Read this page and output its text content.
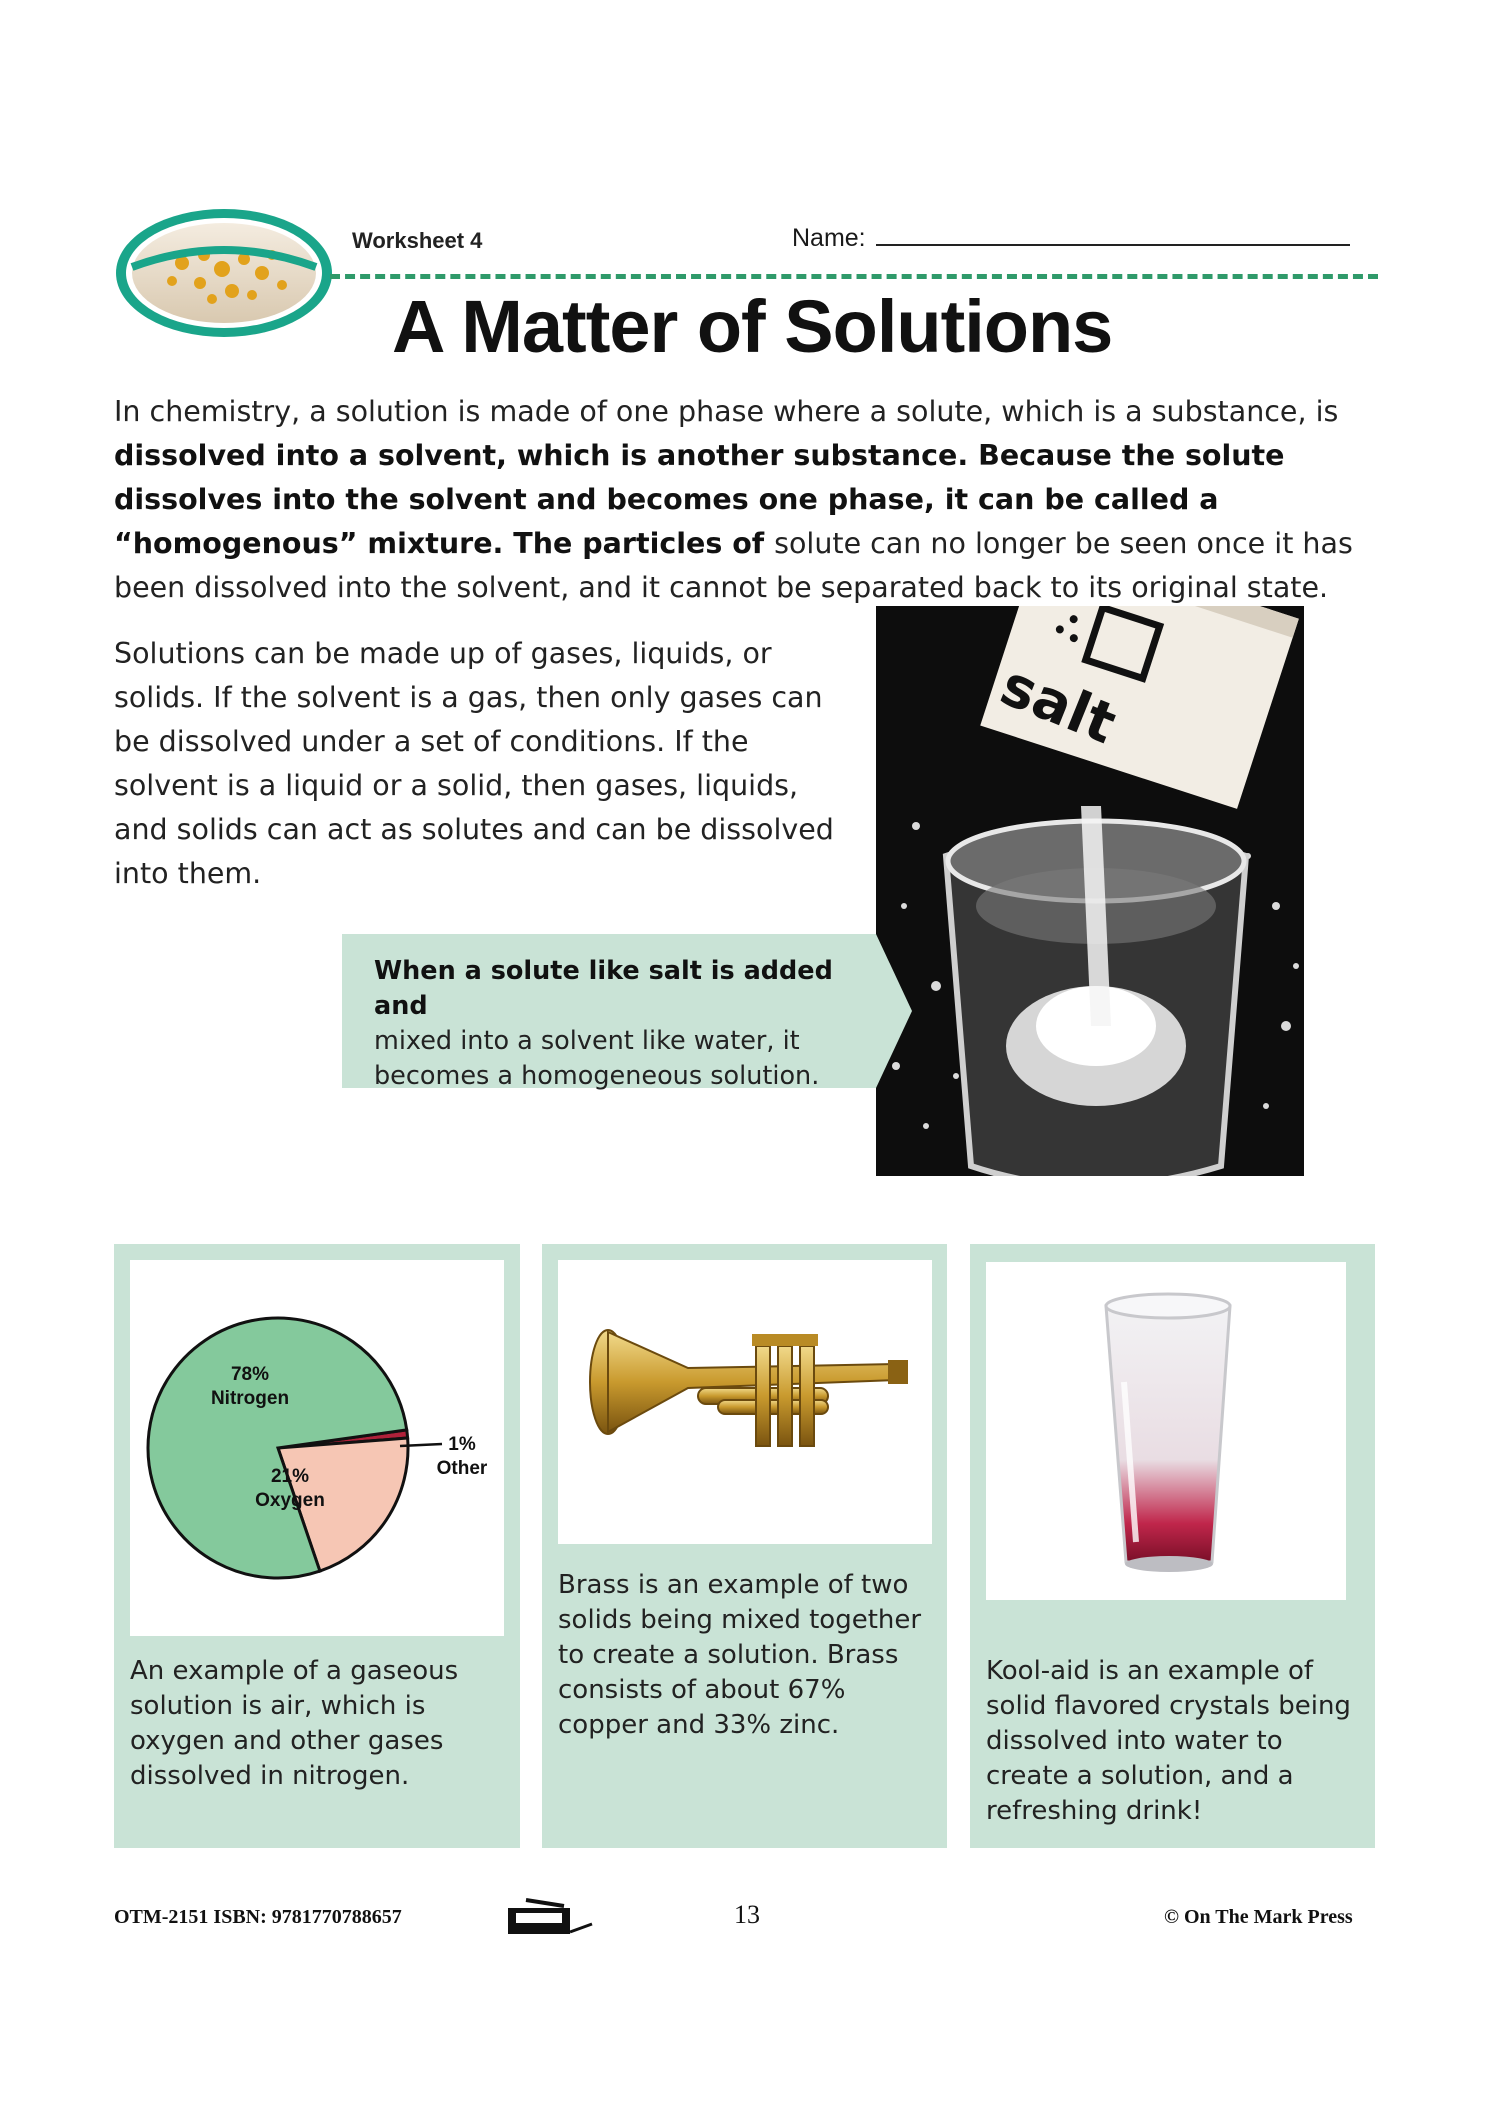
Worksheet 4	Name:
A Matter of Solutions
In chemistry, a solution is made of one phase where a solute, which is a substance, is dissolved into a solvent, which is another substance. Because the solute dissolves into the solvent and becomes one phase, it can be called a “homogenous” mixture. The particles of solute can no longer be seen once it has been dissolved into the solvent, and it cannot be separated back to its original state.
Solutions can be made up of gases, liquids, or solids. If the solvent is a gas, then only gases can be dissolved under a set of conditions. If the solvent is a liquid or a solid, then gases, liquids, and solids can act as solutes and can be dissolved into them.
salt
When a solute like salt is added and
mixed into a solvent like water, it becomes a homogeneous solution.
78%
Nitrogen
21%
Oxygen
1%
Other
An example of a gaseous solution is air, which is oxygen and other gases dissolved in nitrogen.
Brass is an example of two solids being mixed together to create a solution. Brass consists of about 67% copper and 33% zinc.
Kool-aid is an example of solid flavored crystals being dissolved into water to create a solution, and a refreshing drink!
OTM-2151 ISBN: 9781770788657	13	© On The Mark Press
